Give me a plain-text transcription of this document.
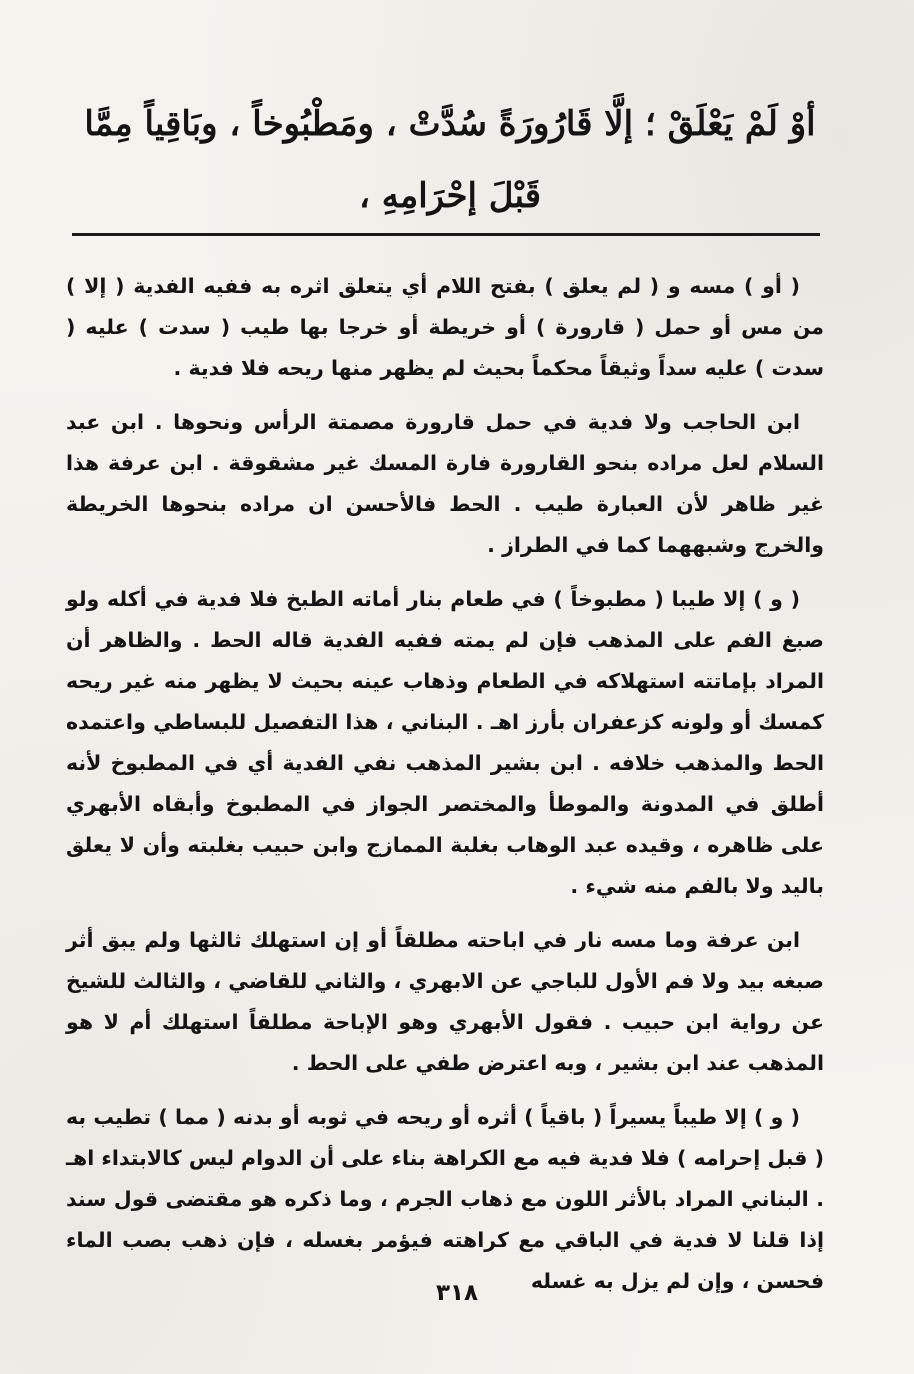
أوْ لَمْ يَعْلَقْ ؛ إلَّا قَارُورَةً سُدَّتْ ، ومَطْبُوخاً ، وبَاقِياً مِمَّا
قَبْلَ إحْرَامِهِ ،

( أو ) مسه و ( لم يعلق ) بفتح اللام أي يتعلق اثره به ففيه الفدية ( إلا ) من مس أو حمل ( قارورة ) أو خريطة أو خرجا بها طيب ( سدت ) عليه ( سدت ) عليه سداً وثيقاً محكماً بحيث لم يظهر منها ريحه فلا فدية .

ابن الحاجب ولا فدية في حمل قارورة مصمتة الرأس ونحوها . ابن عبد السلام لعل مراده بنحو القارورة فارة المسك غير مشقوقة . ابن عرفة هذا غير ظاهر لأن العبارة طيب . الحط فالأحسن ان مراده بنحوها الخريطة والخرج وشبههما كما في الطراز .

( و ) إلا طيبا ( مطبوخاً ) في طعام بنار أماته الطبخ فلا فدية في أكله ولو صبغ الفم على المذهب فإن لم يمته ففيه الفدية قاله الحط . والظاهر أن المراد بإماتته استهلاكه في الطعام وذهاب عينه بحيث لا يظهر منه غير ريحه كمسك أو ولونه كزعفران بأرز اهـ . البناني ، هذا التفصيل للبساطي واعتمده الحط والمذهب خلافه . ابن بشير المذهب نفي الفدية أي في المطبوخ لأنه أطلق في المدونة والموطأ والمختصر الجواز في المطبوخ وأبقاه الأبهري على ظاهره ، وقيده عبد الوهاب بغلبة الممازج وابن حبيب بغلبته وأن لا يعلق باليد ولا بالفم منه شيء .

ابن عرفة وما مسه نار في اباحته مطلقاً أو إن استهلك ثالثها ولم يبق أثر صبغه بيد ولا فم الأول للباجي عن الابهري ، والثاني للقاضي ، والثالث للشيخ عن رواية ابن حبيب . فقول الأبهري وهو الإباحة مطلقاً استهلك أم لا هو المذهب عند ابن بشير ، وبه اعترض طفي على الحط .

( و ) إلا طيباً يسيراً ( باقياً ) أثره أو ريحه في ثوبه أو بدنه ( مما ) تطيب به ( قبل إحرامه ) فلا فدية فيه مع الكراهة بناء على أن الدوام ليس كالابتداء اهـ . البناني المراد بالأثر اللون مع ذهاب الجرم ، وما ذكره هو مقتضى قول سند إذا قلنا لا فدية في الباقي مع كراهته فيؤمر بغسله ، فإن ذهب بصب الماء فحسن ، وإن لم يزل به غسله

٣١٨
